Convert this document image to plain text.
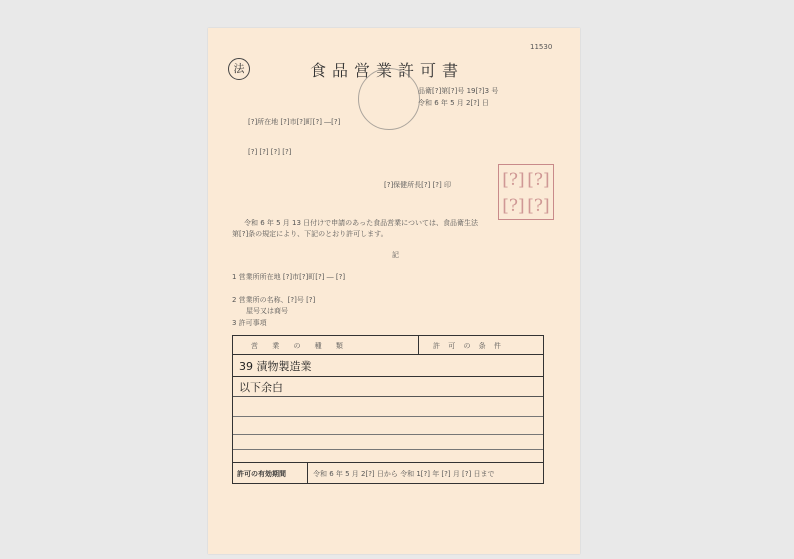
11530
法	食品営業許可書
品衛[?]第[?]号 19[?]3 号
令和 6 年 5 月 2[?] 日
[?]所在地 [?]市[?]町[?] ―[?]
[?] [?] [?] [?]
[?]保健所長[?] [?] 印	[?] [?]
[?] [?]
令和 6 年 5 月 13 日付けで申請のあった食品営業については、食品衛生法
第[?]条の規定により、下記のとおり許可します。
記
1 営業所所在地 [?]市[?]町[?] ― [?]
2 営業所の名称、[?]号 [?]
屋号又は商号
3 許可事項
営 業 の 種 類	許 可 の 条 件
39 漬物製造業
以下余白
許可の有効期間	令和 6 年 5 月 2[?] 日から 令和 1[?] 年 [?] 月 [?] 日まで
